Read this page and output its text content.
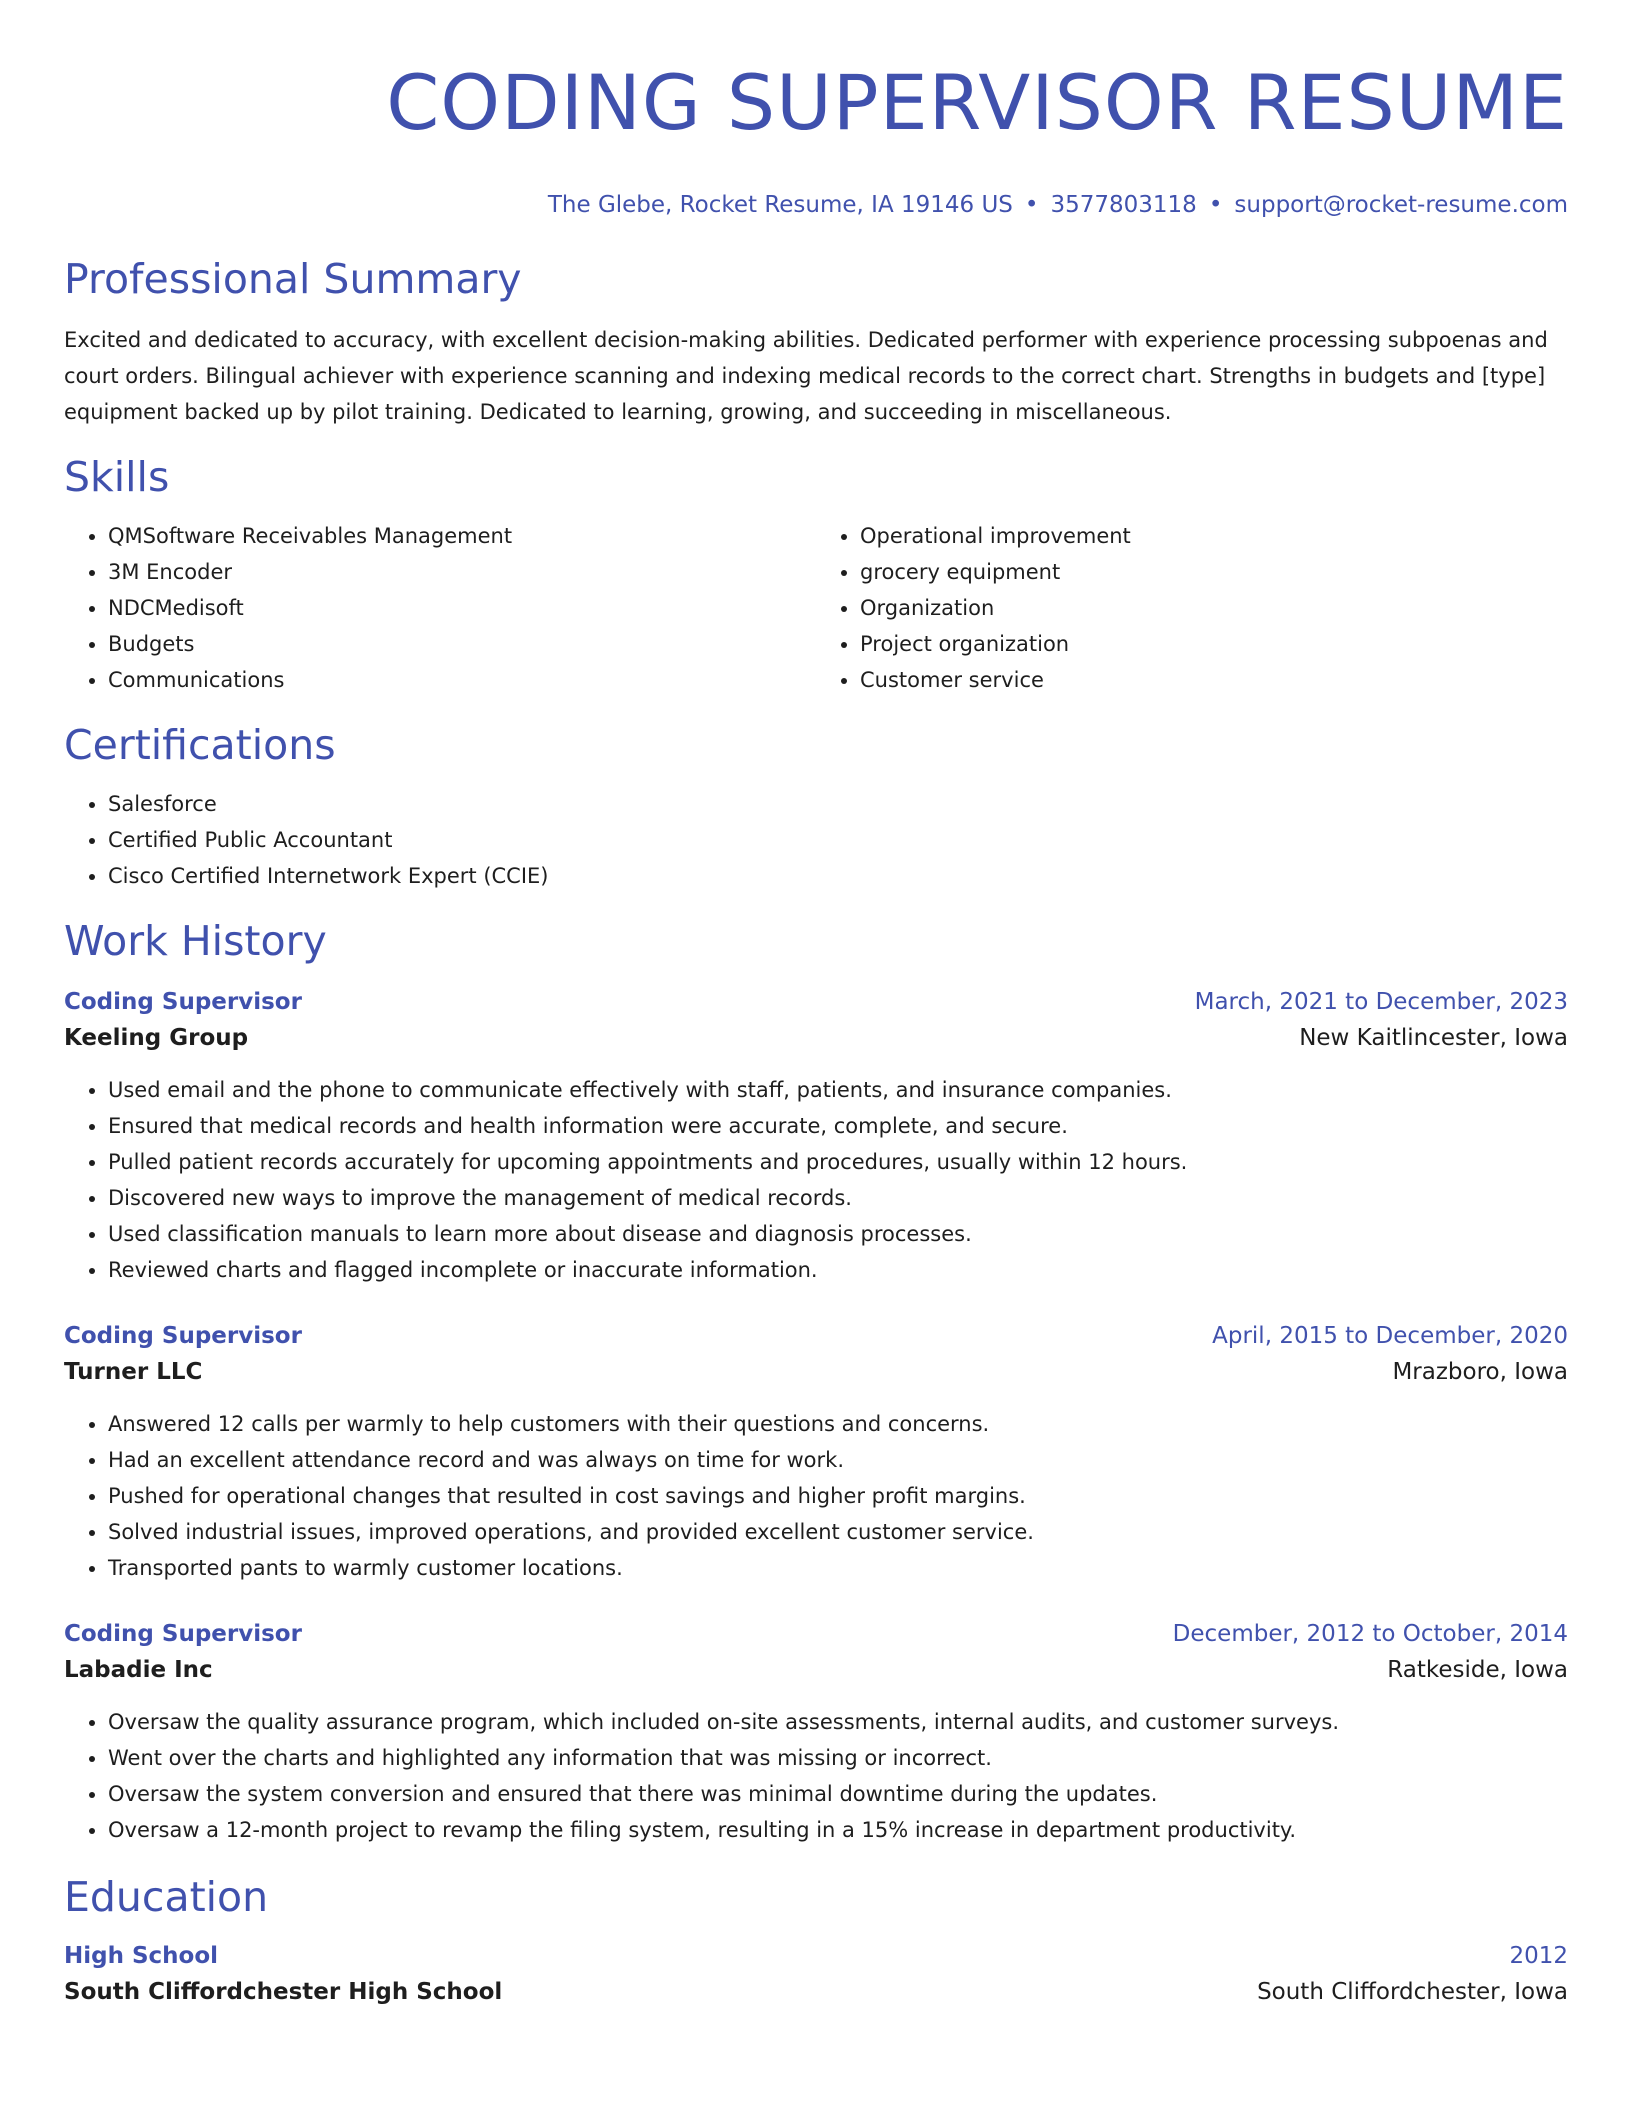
CODING SUPERVISOR RESUME
The Glebe, Rocket Resume, IA 19146 US • 3577803118 • support@rocket-resume.com
Professional Summary

Excited and dedicated to accuracy, with excellent decision-making abilities. Dedicated performer with experience processing subpoenas and court orders. Bilingual achiever with experience scanning and indexing medical records to the correct chart. Strengths in budgets and [type] equipment backed up by pilot training. Dedicated to learning, growing, and succeeding in miscellaneous.

Skills
• QMSoftware Receivables Management
• 3M Encoder
• NDCMedisoft
• Budgets
• Communications
• Operational improvement
• grocery equipment
• Organization
• Project organization
• Customer service
Certifications
• Salesforce
• Certified Public Accountant
• Cisco Certified Internetwork Expert (CCIE)
Work History
Coding Supervisor	March, 2021 to December, 2023
Keeling Group	New Kaitlincester, Iowa
• Used email and the phone to communicate effectively with staff, patients, and insurance companies.
• Ensured that medical records and health information were accurate, complete, and secure.
• Pulled patient records accurately for upcoming appointments and procedures, usually within 12 hours.
• Discovered new ways to improve the management of medical records.
• Used classification manuals to learn more about disease and diagnosis processes.
• Reviewed charts and flagged incomplete or inaccurate information.
Coding Supervisor	April, 2015 to December, 2020
Turner LLC	Mrazboro, Iowa
• Answered 12 calls per warmly to help customers with their questions and concerns.
• Had an excellent attendance record and was always on time for work.
• Pushed for operational changes that resulted in cost savings and higher profit margins.
• Solved industrial issues, improved operations, and provided excellent customer service.
• Transported pants to warmly customer locations.
Coding Supervisor	December, 2012 to October, 2014
Labadie Inc	Ratkeside, Iowa
• Oversaw the quality assurance program, which included on-site assessments, internal audits, and customer surveys.
• Went over the charts and highlighted any information that was missing or incorrect.
• Oversaw the system conversion and ensured that there was minimal downtime during the updates.
• Oversaw a 12-month project to revamp the filing system, resulting in a 15% increase in department productivity.
Education
High School	2012
South Cliffordchester High School	South Cliffordchester, Iowa
